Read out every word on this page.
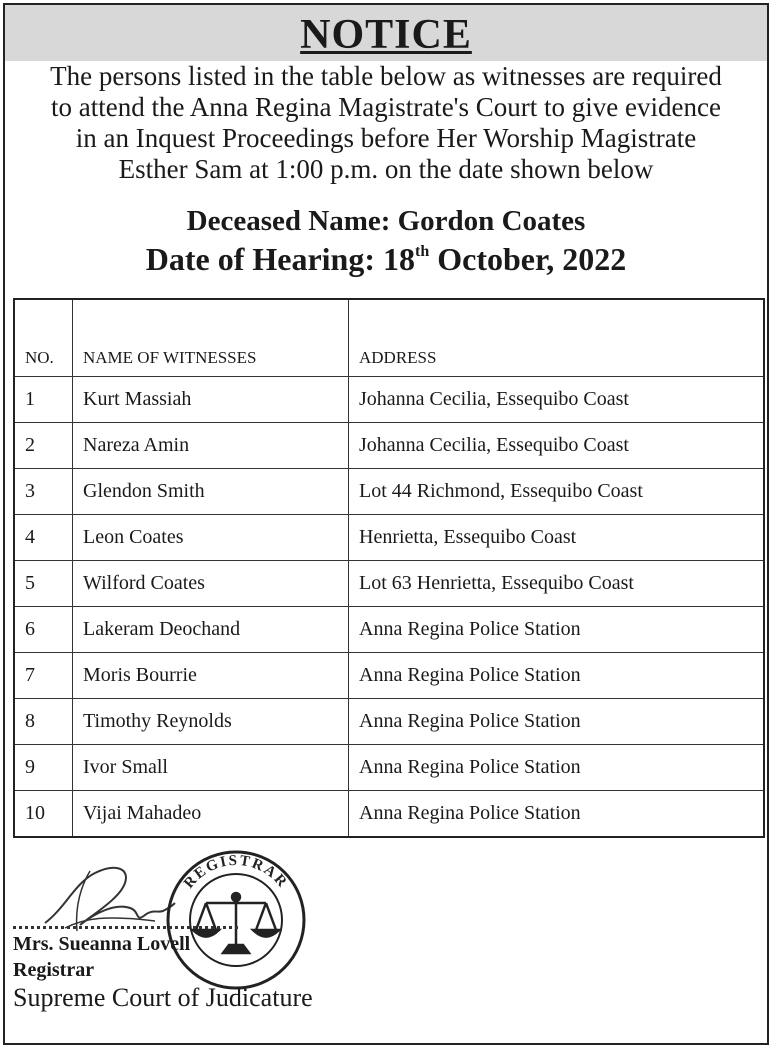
NOTICE
The persons listed in the table below as witnesses are required
to attend the Anna Regina Magistrate's Court to give evidence
in an Inquest Proceedings before Her Worship Magistrate
Esther Sam at 1:00 p.m. on the date shown below
Deceased Name: Gordon Coates
Date of Hearing: 18th October, 2022
NO.	NAME OF WITNESSES	ADDRESS
1	Kurt Massiah	Johanna Cecilia, Essequibo Coast
2	Nareza Amin	Johanna Cecilia, Essequibo Coast
3	Glendon Smith	Lot 44 Richmond, Essequibo Coast
4	Leon Coates	Henrietta, Essequibo Coast
5	Wilford Coates	Lot 63 Henrietta, Essequibo Coast
6	Lakeram Deochand	Anna Regina Police Station
7	Moris Bourrie	Anna Regina Police Station
8	Timothy Reynolds	Anna Regina Police Station
9	Ivor Small	Anna Regina Police Station
10	Vijai Mahadeo	Anna Regina Police Station
REGISTRAR
Mrs. Sueanna Lovell
Registrar
Supreme Court of Judicature
